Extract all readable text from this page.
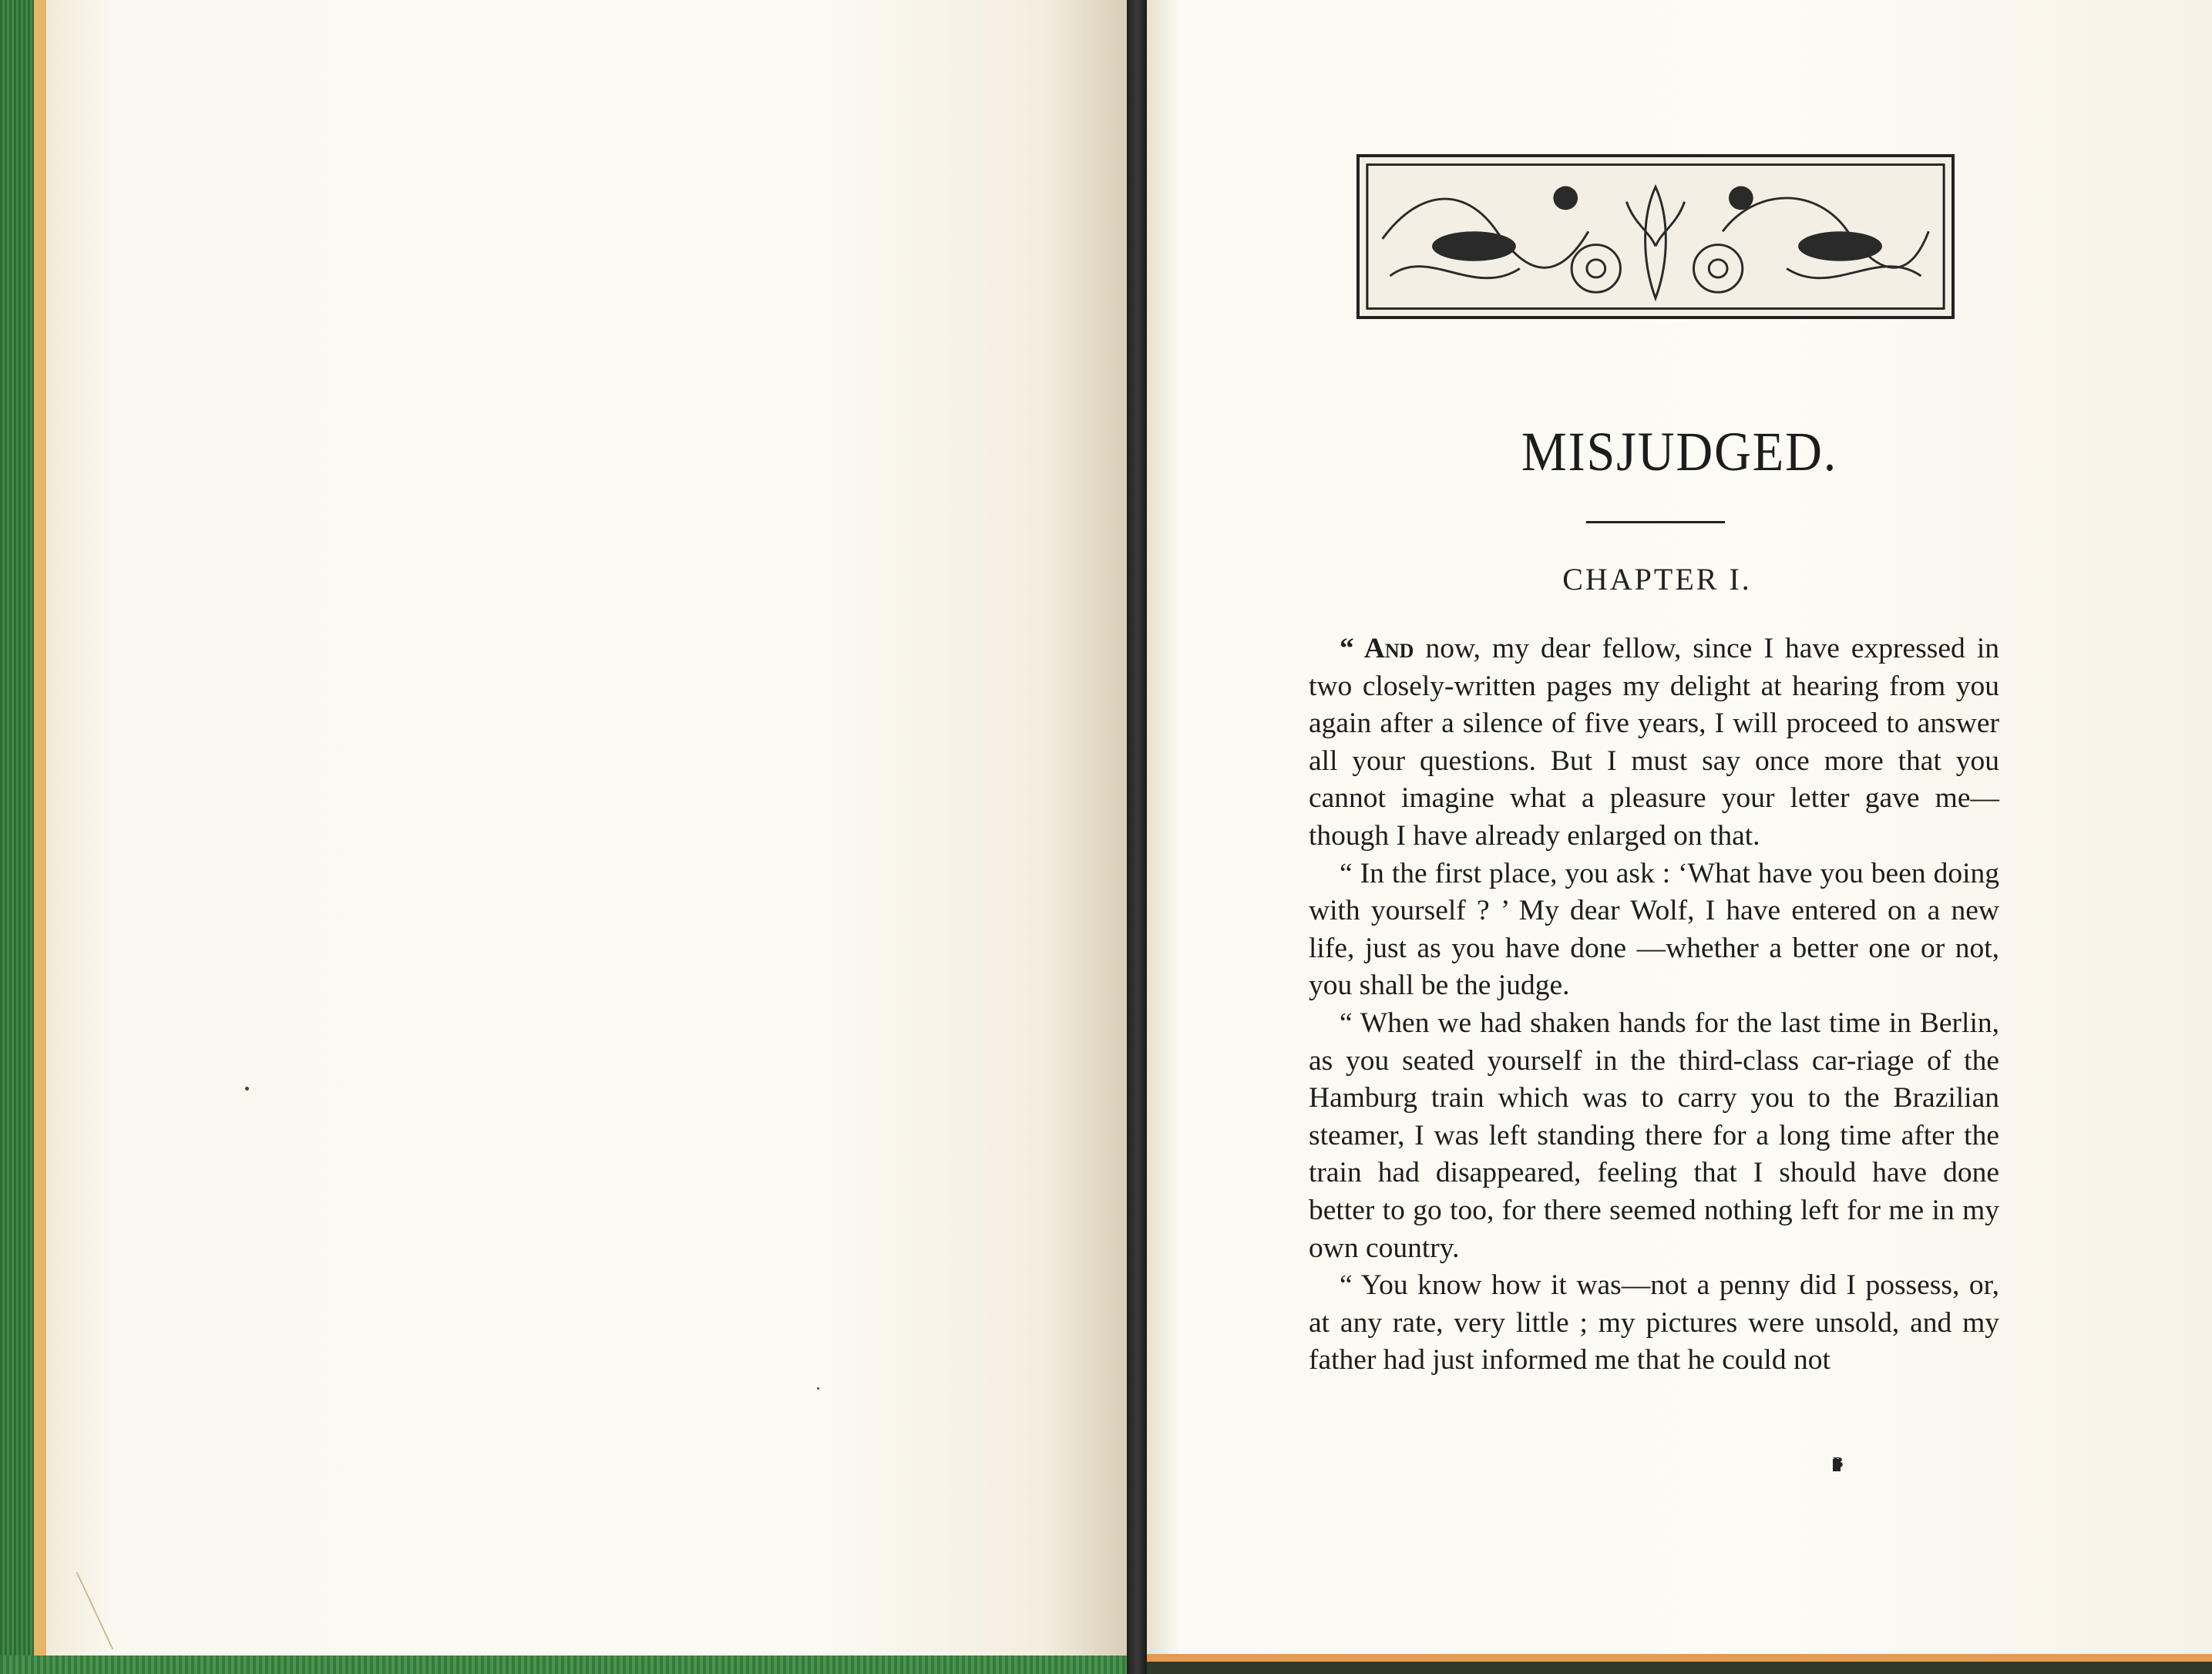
MISJUDGED.
CHAPTER I.

“ And now, my dear fellow, since I have expressed in two closely-written pages my delight at hearing from you again after a silence of five years, I will proceed to answer all your questions. But I must say once more that you cannot imagine what a pleasure your letter gave me—though I have already enlarged on that.

“ In the first place, you ask : ‘What have you been doing with yourself ? ’ My dear Wolf, I have entered on a new life, just as you have done —whether a better one or not, you shall be the judge.

“ When we had shaken hands for the last time in Berlin, as you seated yourself in the third-class car-riage of the Hamburg train which was to carry you to the Brazilian steamer, I was left standing there for a long time after the train had disappeared, feeling that I should have done better to go too, for there seemed nothing left for me in my own country.

“ You know how it was—not a penny did I possess, or, at any rate, very little ; my pictures were unsold, and my father had just informed me that he could not

B
